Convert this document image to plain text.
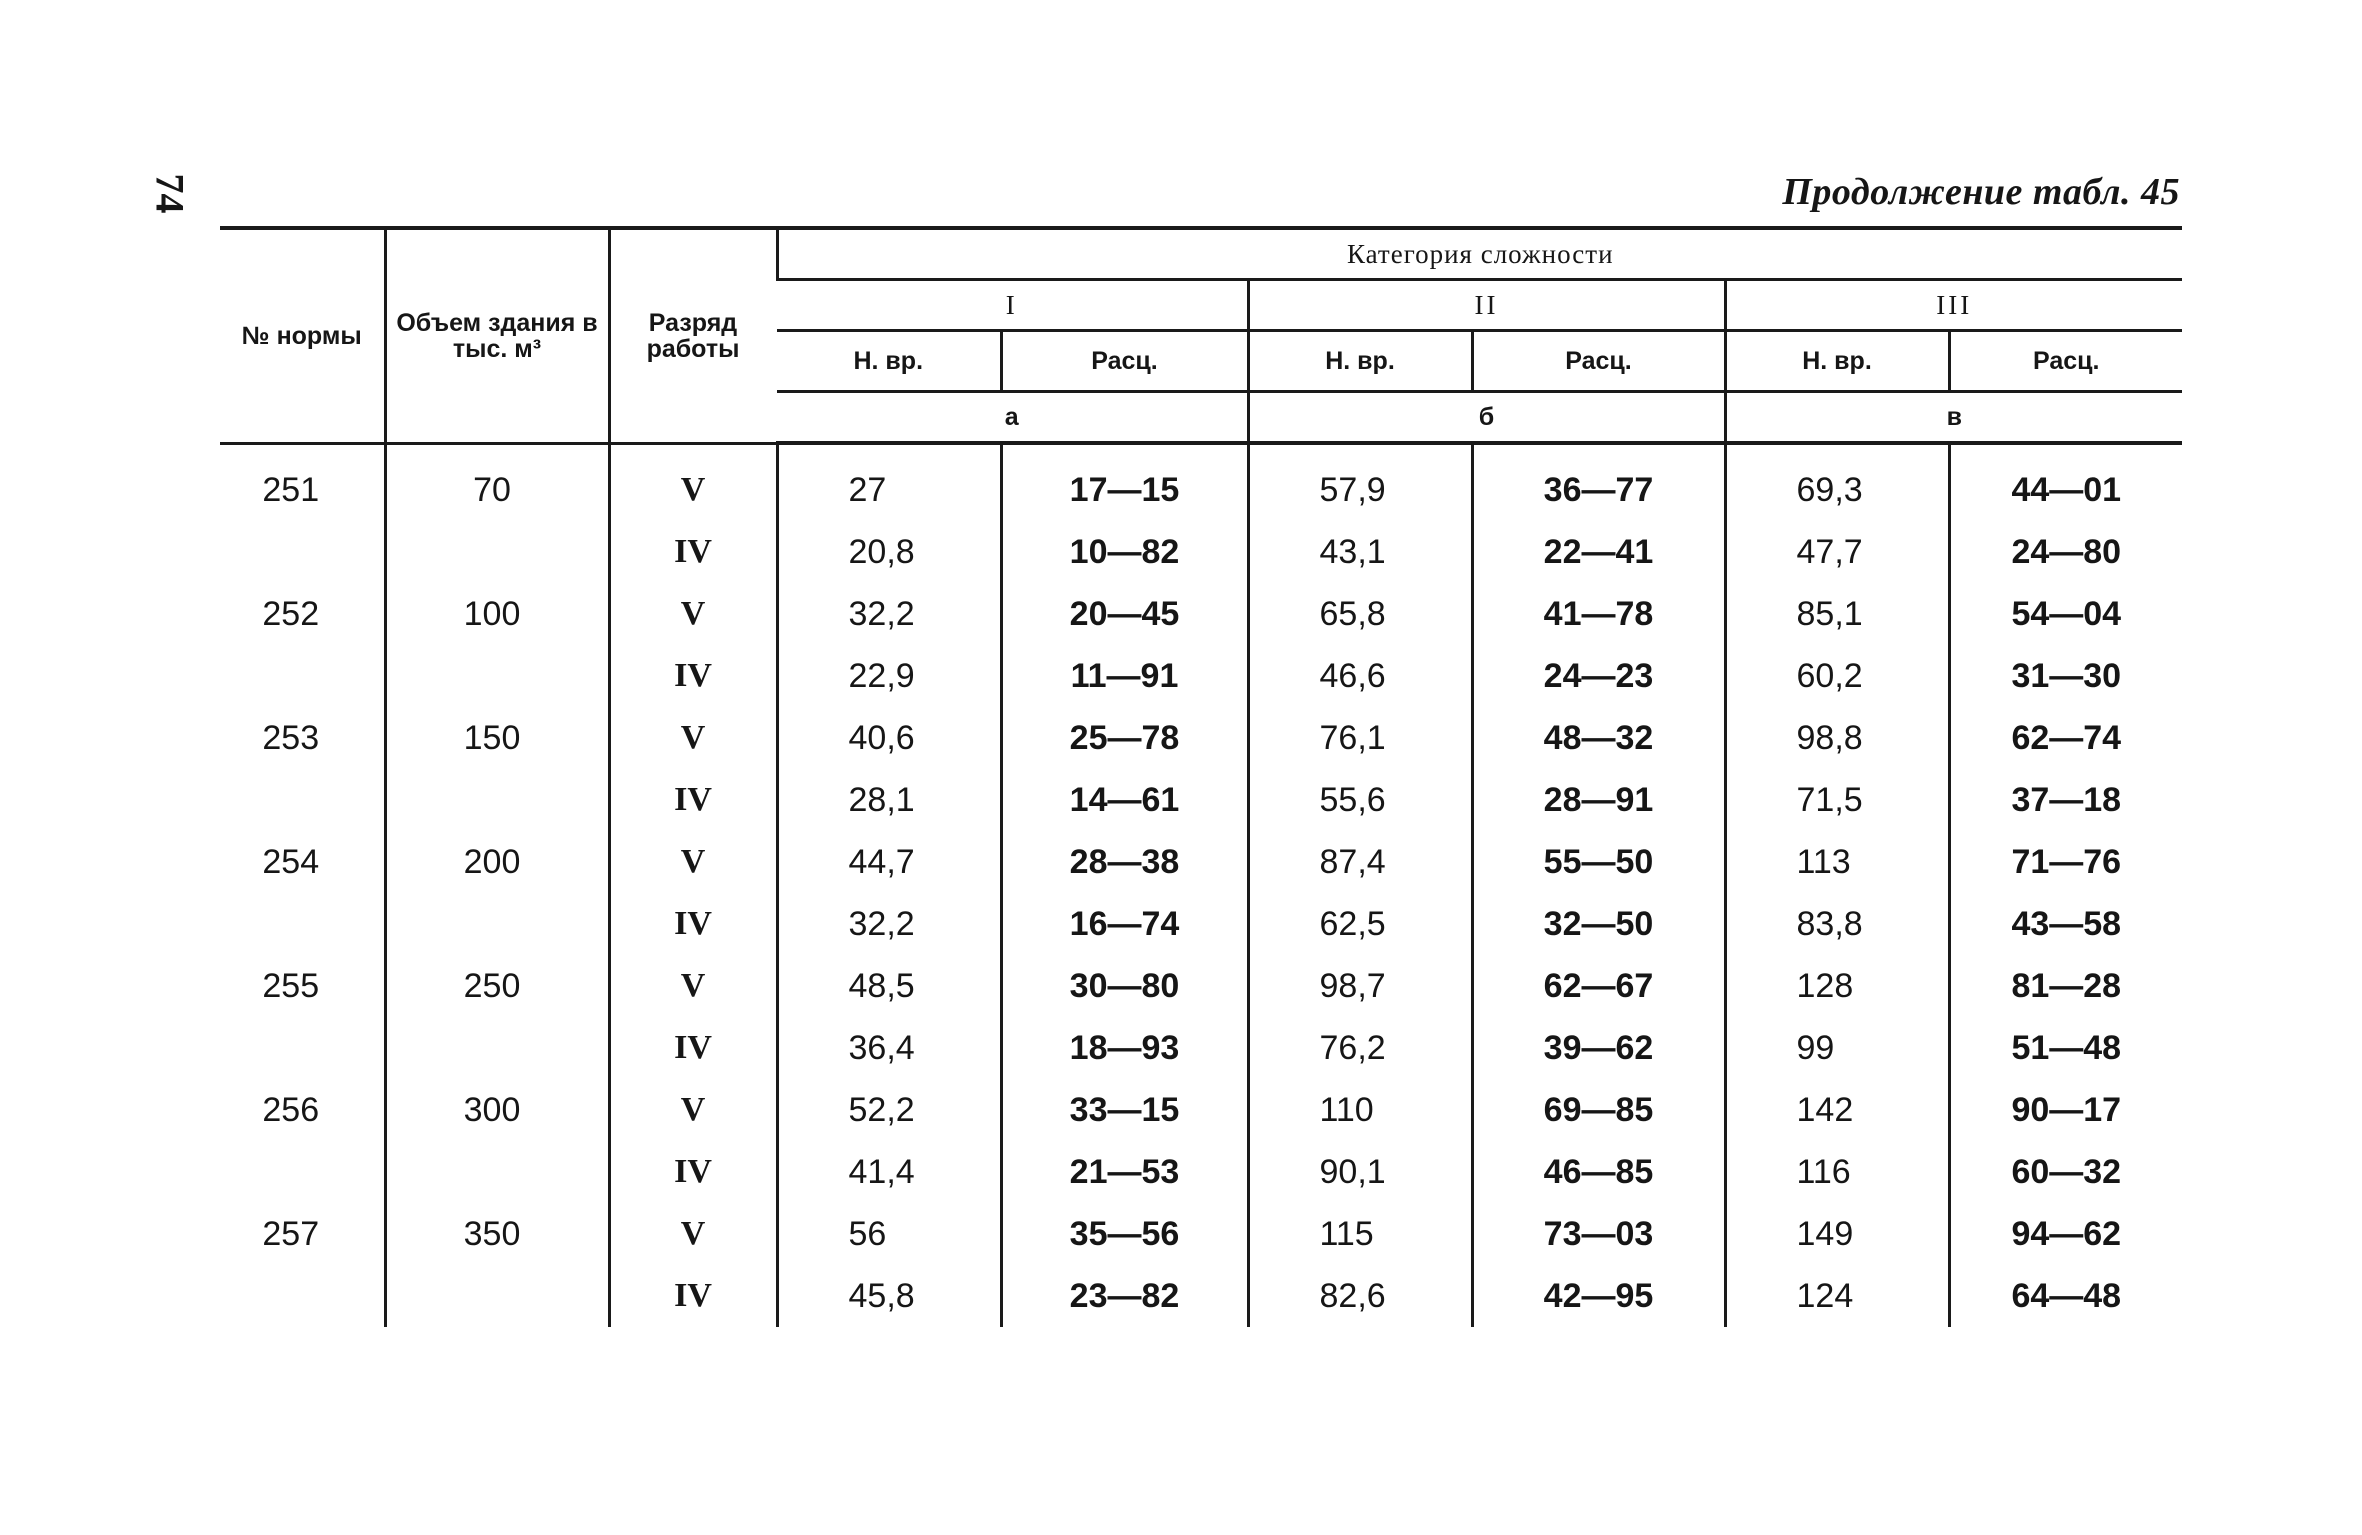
74	Продолжение табл. 45
№ нормы	Объем здания в тыс. м³	Разряд работы	Категория сложности					
			I		II		III	
			Н. вр.	Расц.	Н. вр.	Расц.	Н. вр.	Расц.
			а		б		в	
251	70	V	27	17—15	57,9	36—77	69,3	44—01
		IV	20,8	10—82	43,1	22—41	47,7	24—80
252	100	V	32,2	20—45	65,8	41—78	85,1	54—04
		IV	22,9	11—91	46,6	24—23	60,2	31—30
253	150	V	40,6	25—78	76,1	48—32	98,8	62—74
		IV	28,1	14—61	55,6	28—91	71,5	37—18
254	200	V	44,7	28—38	87,4	55—50	113	71—76
		IV	32,2	16—74	62,5	32—50	83,8	43—58
255	250	V	48,5	30—80	98,7	62—67	128	81—28
		IV	36,4	18—93	76,2	39—62	99	51—48
256	300	V	52,2	33—15	110	69—85	142	90—17
		IV	41,4	21—53	90,1	46—85	116	60—32
257	350	V	56	35—56	115	73—03	149	94—62
		IV	45,8	23—82	82,6	42—95	124	64—48
